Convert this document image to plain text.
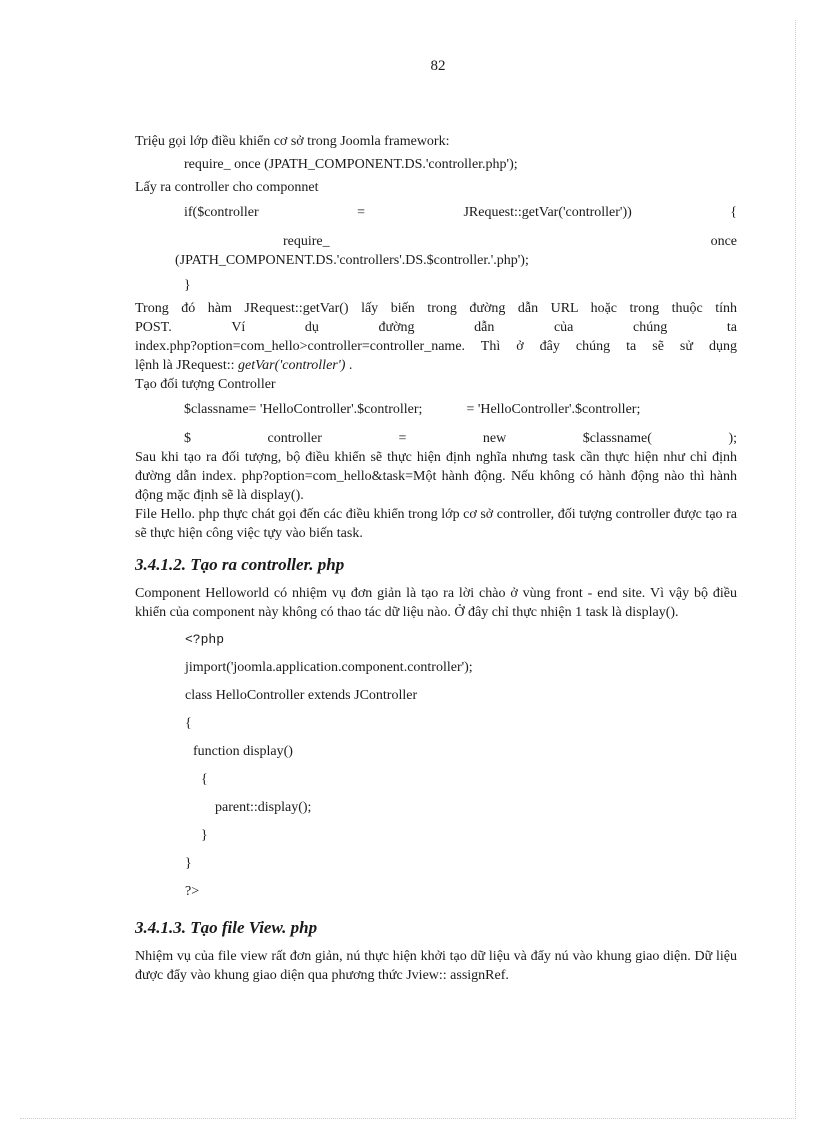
82

Triệu gọi lớp điều khiển cơ sở trong Joomla framework:

require_ once (JPATH_COMPONENT.DS.'controller.php');

Lấy ra controller cho componnet

if($controller	=	JRequest::getVar('controller'))	{
require_	once

(JPATH_COMPONENT.DS.'controllers'.DS.$controller.'.php');

}

Trong đó hàm JRequest::getVar() lấy biến trong đường dẫn URL hoặc trong thuộc tính

POST.	Ví	dụ	đường	dẫn	của	chúng	ta

index.php?option=com_hello>controller=controller_name. Thì ở đây chúng ta sẽ sử dụng

lệnh là JRequest:: getVar('controller') .

Tạo đối tượng Controller

$classname= 'HelloController'.$controller;	= 'HelloController'.$controller;
$	controller	=	new	$classname(	);

Sau khi tạo ra đối tượng, bộ điều khiển sẽ thực hiện định nghĩa nhưng task cần thực hiện như chỉ định đường dẫn index. php?option=com_hello&task=Một hành động. Nếu không có hành động nào thì hành động mặc định sẽ là display().

File Hello. php thực chát gọi đến các điều khiển trong lớp cơ sở controller, đối tượng controller được tạo ra sẽ thực hiện công việc tựy vào biến task.

3.4.1.2. Tạo ra controller. php

Component Helloworld có nhiệm vụ đơn giản là tạo ra lời chào ở vùng front - end site. Vì vậy bộ điều khiển của component này không có thao tác dữ liệu nào. Ở đây chỉ thực nhiện 1 task là display().

<?php

jimport('joomla.application.component.controller');

class HelloController extends JController

{

function display()

{

parent::display();

}

}

?>

3.4.1.3. Tạo file View. php

Nhiệm vụ của file view rất đơn giản, nú thực hiện khởi tạo dữ liệu và đẩy nú vào khung giao diện. Dữ liệu được đẩy vào khung giao diện qua phương thức Jview:: assignRef.
